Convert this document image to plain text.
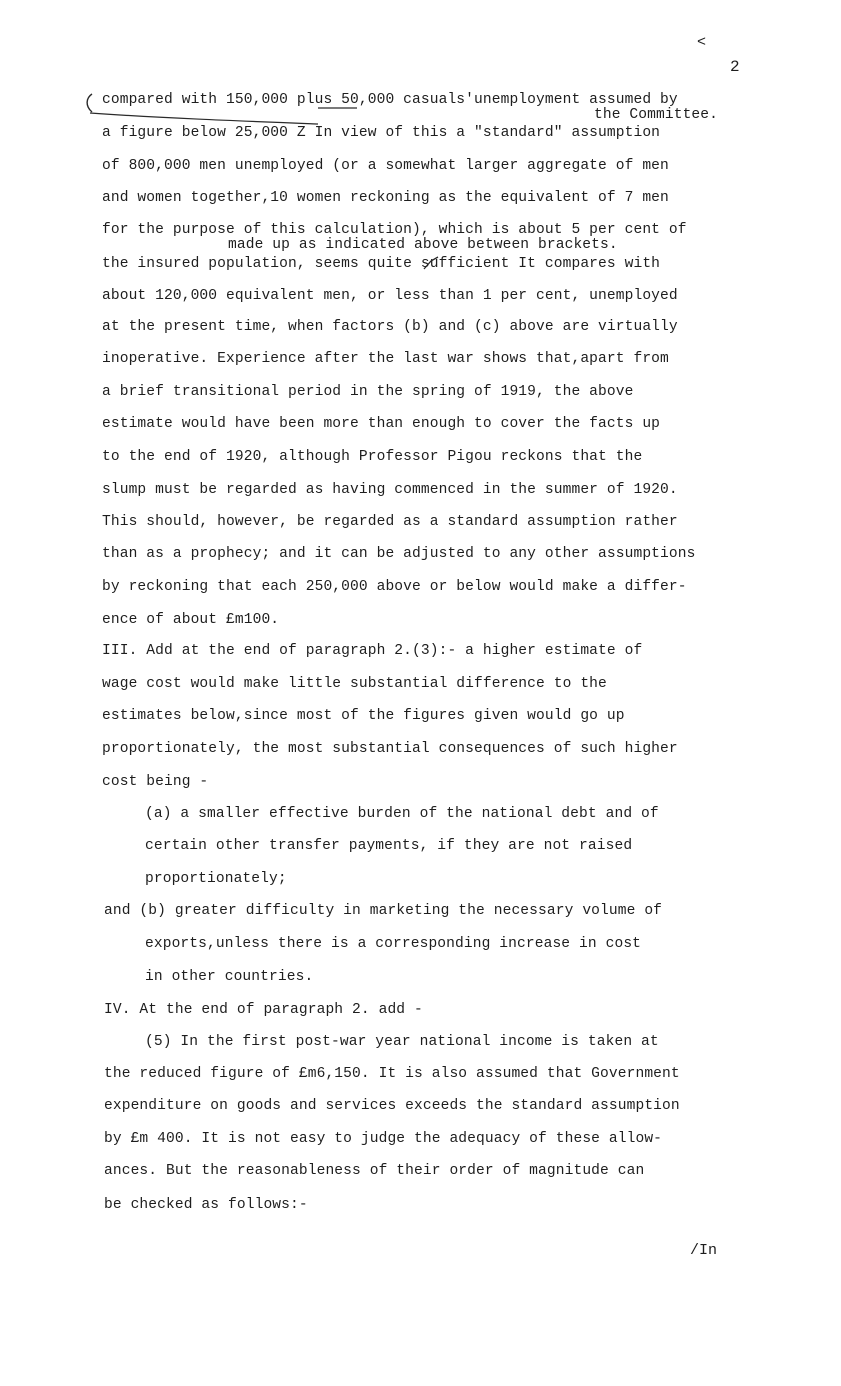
<
2
compared with 150,000 plus 50,000 casuals'unemployment assumed by
the Committee.
a figure below 25,000 Z In view of this a "standard" assumption
of 800,000 men unemployed (or a somewhat larger aggregate of men
and women together,10 women reckoning as the equivalent of 7 men
for the purpose of this calculation), which is about 5 per cent of
made up as indicated above between brackets.
the insured population, seems quite sufficient It compares with
about 120,000 equivalent men, or less than 1 per cent, unemployed
at the present time, when factors (b) and (c) above are virtually
inoperative. Experience after the last war shows that,apart from
a brief transitional period in the spring of 1919, the above
estimate would have been more than enough to cover the facts up
to the end of 1920, although Professor Pigou reckons that the
slump must be regarded as having commenced in the summer of 1920.
This should, however, be regarded as a standard assumption rather
than as a prophecy; and it can be adjusted to any other assumptions
by reckoning that each 250,000 above or below would make a differ-
ence of about £m100.
III. Add at the end of paragraph 2.(3):- a higher estimate of
wage cost would make little substantial difference to the
estimates below,since most of the figures given would go up
proportionately, the most substantial consequences of such higher
cost being -
(a) a smaller effective burden of the national debt and of
certain other transfer payments, if they are not raised
proportionately;
and (b) greater difficulty in marketing the necessary volume of
exports,unless there is a corresponding increase in cost
in other countries.
IV. At the end of paragraph 2. add -
(5) In the first post-war year national income is taken at
the reduced figure of £m6,150. It is also assumed that Government
expenditure on goods and services exceeds the standard assumption
by £m 400. It is not easy to judge the adequacy of these allow-
ances. But the reasonableness of their order of magnitude can
be checked as follows:-
/In
